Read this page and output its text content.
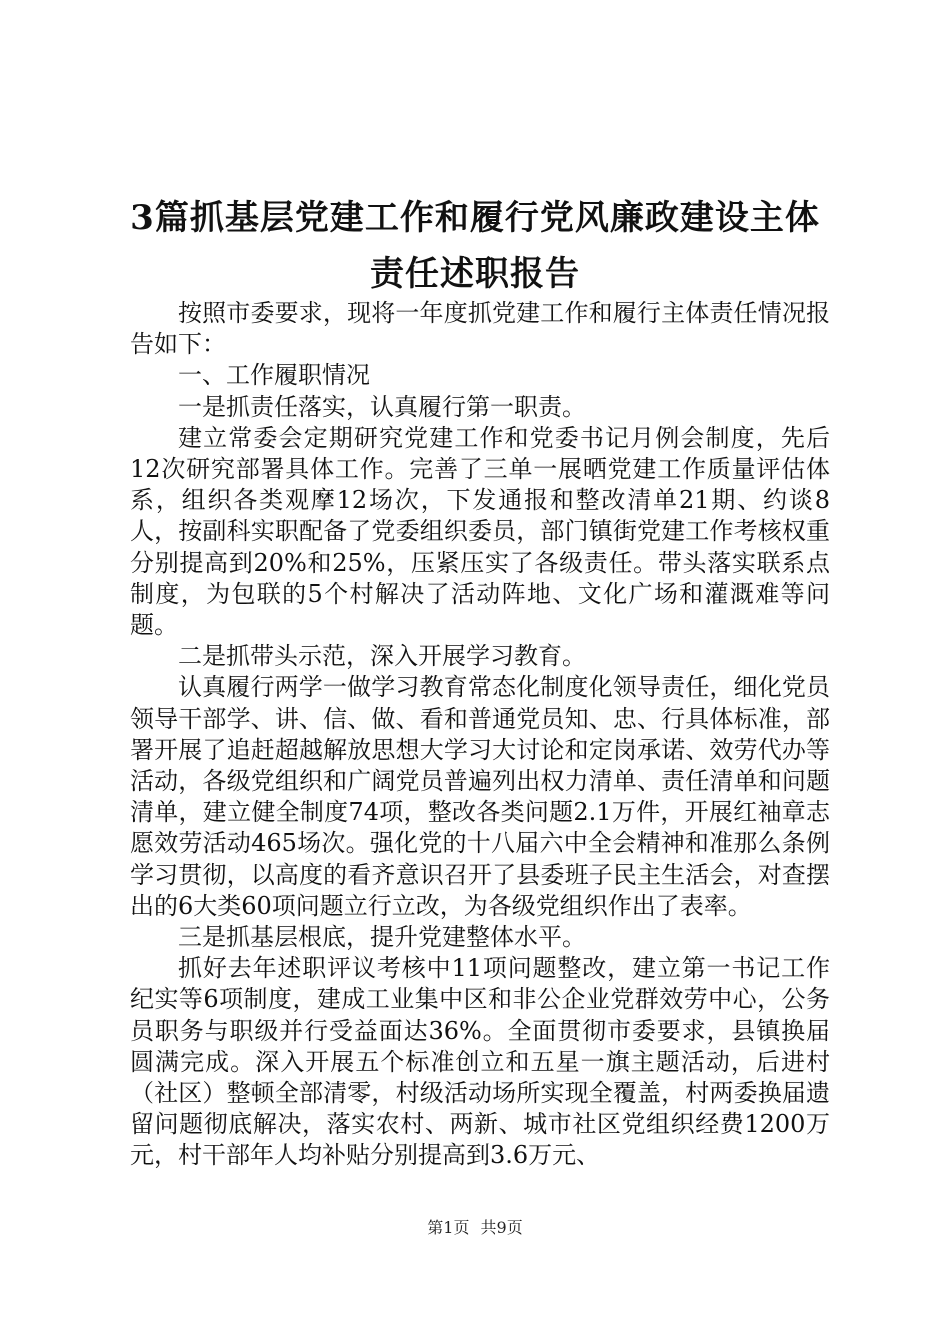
3篇抓基层党建工作和履行党风廉政建设主体
责任述职报告

按照市委要求，现将一年度抓党建工作和履行主体责任情况报告如下：

一、工作履职情况

一是抓责任落实，认真履行第一职责。

建立常委会定期研究党建工作和党委书记月例会制度，先后12次研究部署具体工作。完善了三单一展晒党建工作质量评估体系，组织各类观摩12场次，下发通报和整改清单21期、约谈8人，按副科实职配备了党委组织委员，部门镇街党建工作考核权重分别提高到20%和25%，压紧压实了各级责任。带头落实联系点制度，为包联的5个村解决了活动阵地、文化广场和灌溉难等问题。

二是抓带头示范，深入开展学习教育。

认真履行两学一做学习教育常态化制度化领导责任，细化党员领导干部学、讲、信、做、看和普通党员知、忠、行具体标准，部署开展了追赶超越解放思想大学习大讨论和定岗承诺、效劳代办等活动，各级党组织和广阔党员普遍列出权力清单、责任清单和问题清单，建立健全制度74项，整改各类问题2.1万件，开展红袖章志愿效劳活动465场次。强化党的十八届六中全会精神和准那么条例学习贯彻，以高度的看齐意识召开了县委班子民主生活会，对查摆出的6大类60项问题立行立改，为各级党组织作出了表率。

三是抓基层根底，提升党建整体水平。

抓好去年述职评议考核中11项问题整改，建立第一书记工作纪实等6项制度，建成工业集中区和非公企业党群效劳中心，公务员职务与职级并行受益面达36%。全面贯彻市委要求，县镇换届圆满完成。深入开展五个标准创立和五星一旗主题活动，后进村（社区）整顿全部清零，村级活动场所实现全覆盖，村两委换届遗留问题彻底解决，落实农村、两新、城市社区党组织经费1200万元，村干部年人均补贴分别提高到3.6万元、

第1页 共9页
